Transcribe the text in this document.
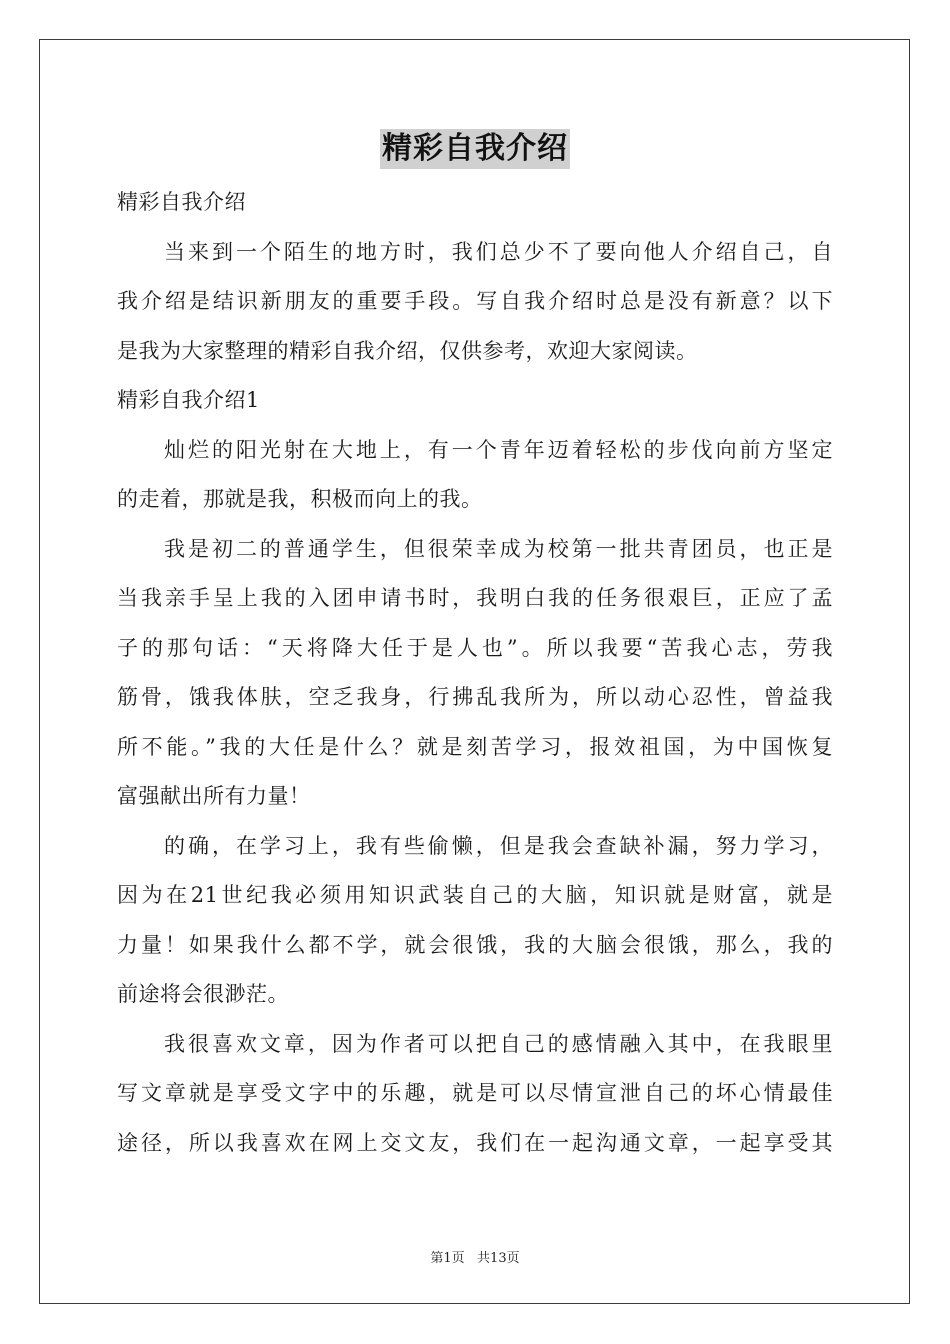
精彩自我介绍
精彩自我介绍
当来到一个陌生的地方时，我们总少不了要向他人介绍自己，自
我介绍是结识新朋友的重要手段。写自我介绍时总是没有新意？以下
是我为大家整理的精彩自我介绍，仅供参考，欢迎大家阅读。
精彩自我介绍1
灿烂的阳光射在大地上，有一个青年迈着轻松的步伐向前方坚定
的走着，那就是我，积极而向上的我。
我是初二的普通学生，但很荣幸成为校第一批共青团员，也正是
当我亲手呈上我的入团申请书时，我明白我的任务很艰巨，正应了孟
子的那句话：“天将降大任于是人也”。所以我要“苦我心志，劳我
筋骨，饿我体肤，空乏我身，行拂乱我所为，所以动心忍性，曾益我
所不能。”我的大任是什么？就是刻苦学习，报效祖国，为中国恢复
富强献出所有力量！
的确，在学习上，我有些偷懒，但是我会查缺补漏，努力学习，
因为在21世纪我必须用知识武装自己的大脑，知识就是财富，就是
力量！如果我什么都不学，就会很饿，我的大脑会很饿，那么，我的
前途将会很渺茫。
我很喜欢文章，因为作者可以把自己的感情融入其中，在我眼里
写文章就是享受文字中的乐趣，就是可以尽情宣泄自己的坏心情最佳
途径，所以我喜欢在网上交文友，我们在一起沟通文章，一起享受其
第1页   共13页
